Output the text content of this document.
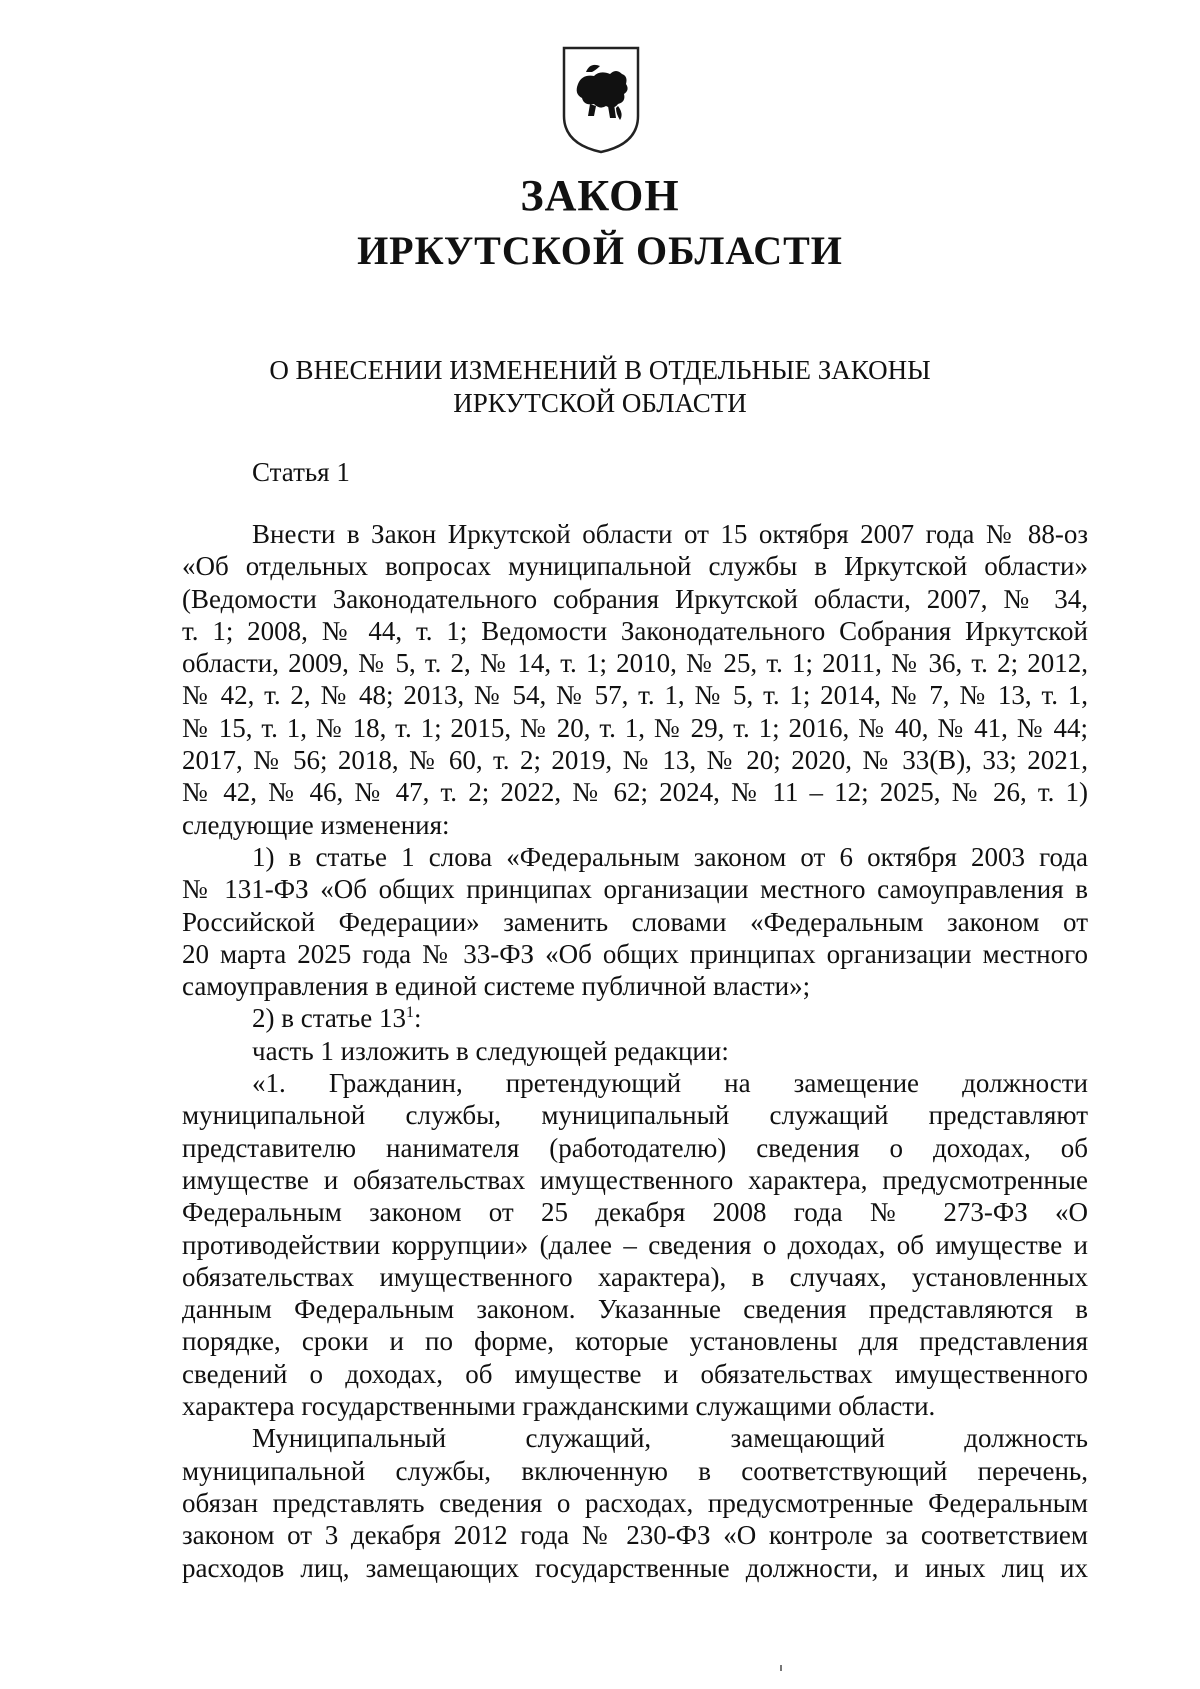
ЗАКОН
ИРКУТСКОЙ ОБЛАСТИ
О ВНЕСЕНИИ ИЗМЕНЕНИЙ В ОТДЕЛЬНЫЕ ЗАКОНЫ
ИРКУТСКОЙ ОБЛАСТИ
Статья 1
Внести в Закон Иркутской области от 15 октября 2007 года № 88-оз
«Об отдельных вопросах муниципальной службы в Иркутской области»
(Ведомости Законодательного собрания Иркутской области, 2007, № 34,
т. 1; 2008, № 44, т. 1; Ведомости Законодательного Собрания Иркутской
области, 2009, № 5, т. 2, № 14, т. 1; 2010, № 25, т. 1; 2011, № 36, т. 2; 2012,
№ 42, т. 2, № 48; 2013, № 54, № 57, т. 1, № 5, т. 1; 2014, № 7, № 13, т. 1,
№ 15, т. 1, № 18, т. 1; 2015, № 20, т. 1, № 29, т. 1; 2016, № 40, № 41, № 44;
2017, № 56; 2018, № 60, т. 2; 2019, № 13, № 20; 2020, № 33(В), 33; 2021,
№ 42, № 46, № 47, т. 2; 2022, № 62; 2024, № 11 – 12; 2025, № 26, т. 1)
следующие изменения:
1) в статье 1 слова «Федеральным законом от 6 октября 2003 года
№ 131-ФЗ «Об общих принципах организации местного самоуправления в
Российской Федерации» заменить словами «Федеральным законом от
20 марта 2025 года № 33-ФЗ «Об общих принципах организации местного
самоуправления в единой системе публичной власти»;
2) в статье $13^1$:
часть 1 изложить в следующей редакции:
«1. Гражданин, претендующий на замещение должности
муниципальной службы, муниципальный служащий представляют
представителю нанимателя (работодателю) сведения о доходах, об
имуществе и обязательствах имущественного характера, предусмотренные
Федеральным законом от 25 декабря 2008 года № 273-ФЗ «О
противодействии коррупции» (далее – сведения о доходах, об имуществе и
обязательствах имущественного характера), в случаях, установленных
данным Федеральным законом. Указанные сведения представляются в
порядке, сроки и по форме, которые установлены для представления
сведений о доходах, об имуществе и обязательствах имущественного
характера государственными гражданскими служащими области.
Муниципальный служащий, замещающий должность
муниципальной службы, включенную в соответствующий перечень,
обязан представлять сведения о расходах, предусмотренные Федеральным
законом от 3 декабря 2012 года № 230-ФЗ «О контроле за соответствием
расходов лиц, замещающих государственные должности, и иных лиц их
